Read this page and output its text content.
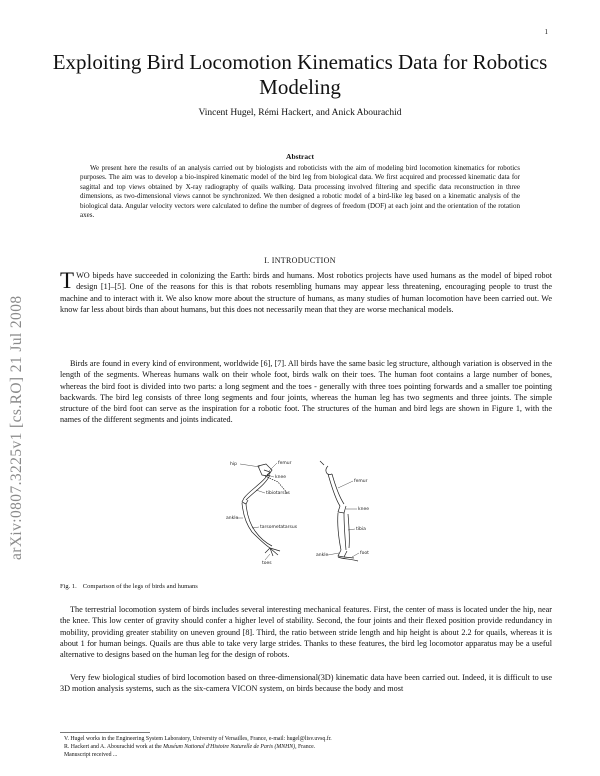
1
arXiv:0807.3225v1 [cs.RO] 21 Jul 2008
Exploiting Bird Locomotion Kinematics Data for Robotics Modeling
Vincent Hugel, Rémi Hackert, and Anick Abourachid
Abstract

We present here the results of an analysis carried out by biologists and roboticists with the aim of modeling bird locomotion kinematics for robotics purposes. The aim was to develop a bio-inspired kinematic model of the bird leg from biological data. We first acquired and processed kinematic data for sagittal and top views obtained by X-ray radiography of quails walking. Data processing involved filtering and specific data reconstruction in three dimensions, as two-dimensional views cannot be synchronized. We then designed a robotic model of a bird-like leg based on a kinematic analysis of the biological data. Angular velocity vectors were calculated to define the number of degrees of freedom (DOF) at each joint and the orientation of the rotation axes.

I. INTRODUCTION

TWO bipeds have succeeded in colonizing the Earth: birds and humans. Most robotics projects have used humans as the model of biped robot design [1]–[5]. One of the reasons for this is that robots resembling humans may appear less threatening, encouraging people to trust the machine and to interact with it. We also know more about the structure of humans, as many studies of human locomotion have been carried out. We know far less about birds than about humans, but this does not necessarily mean that they are worse mechanical models.

Birds are found in every kind of environment, worldwide [6], [7]. All birds have the same basic leg structure, although variation is observed in the length of the segments. Whereas humans walk on their whole foot, birds walk on their toes. The human foot contains a large number of bones, whereas the bird foot is divided into two parts: a long segment and the toes - generally with three toes pointing forwards and a smaller toe pointing backwards. The bird leg consists of three long segments and four joints, whereas the human leg has two segments and three joints. The simple structure of the bird foot can serve as the inspiration for a robotic foot. The structures of the human and bird legs are shown in Figure 1, with the names of the different segments and joints indicated.

hip	femur
knee
tibiotarsus
ankle
tarsometatarsus
toes
femur
knee
tibia
ankle	foot
Fig. 1. Comparison of the legs of birds and humans

The terrestrial locomotion system of birds includes several interesting mechanical features. First, the center of mass is located under the hip, near the knee. This low center of gravity should confer a higher level of stability. Second, the four joints and their flexed position provide redundancy in mobility, providing greater stability on uneven ground [8]. Third, the ratio between stride length and hip height is about 2.2 for quails, whereas it is about 1 for human beings. Quails are thus able to take very large strides. Thanks to these features, the bird leg locomotor apparatus may be a useful alternative to designs based on the human leg for the design of robots.

Very few biological studies of bird locomotion based on three-dimensional(3D) kinematic data have been carried out. Indeed, it is difficult to use 3D motion analysis systems, such as the six-camera VICON system, on birds because the body and most

V. Hugel works in the Engineering System Laboratory, University of Versailles, France, e-mail: hugel@lisv.uvsq.fr.

R. Hackert and A. Abourachid work at the Muséum National d'Histoire Naturelle de Paris (MNHN), France.

Manuscript received ...
